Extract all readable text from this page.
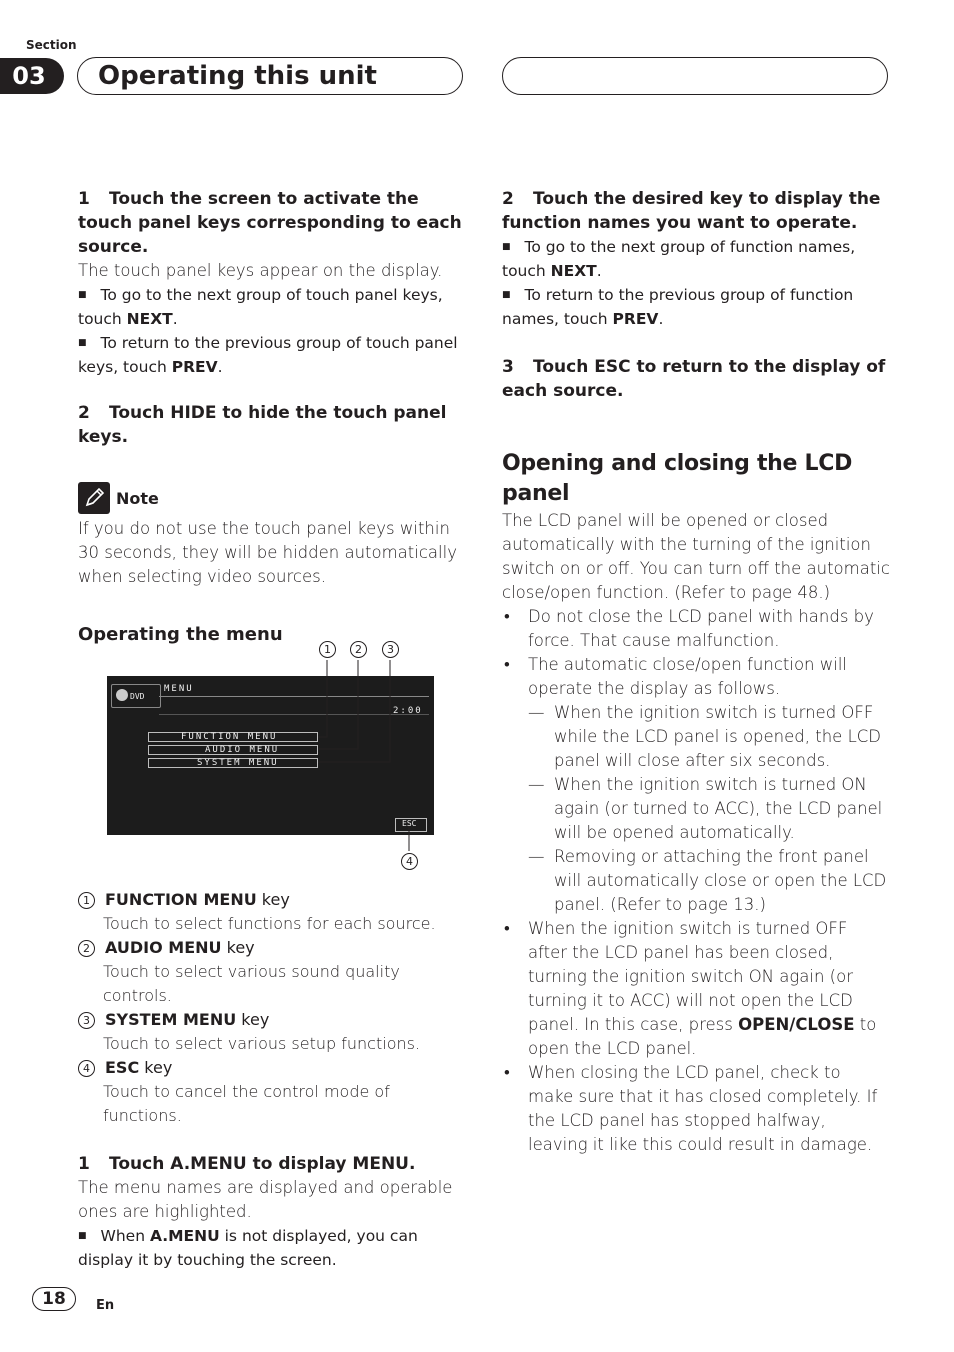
Section
03	Operating this unit

1 Touch the screen to activate the touch panel keys corresponding to each source.

The touch panel keys appear on the display.

■ To go to the next group of touch panel keys, touch NEXT.

■ To return to the previous group of touch panel keys, touch PREV.

2 Touch HIDE to hide the touch panel keys.

Note

If you do not use the touch panel keys within 30 seconds, they will be hidden automatically when selecting video sources.

Operating the menu

DVD
MENU
2:00
FUNCTION MENU
AUDIO MENU
SYSTEM MENU
ESC
1	2	3
4

1 FUNCTION MENU key

Touch to select functions for each source.

2 AUDIO MENU key

Touch to select various sound quality controls.

3 SYSTEM MENU key

Touch to select various setup functions.

4 ESC key

Touch to cancel the control mode of functions.

1 Touch A.MENU to display MENU.

The menu names are displayed and operable ones are highlighted.

■ When A.MENU is not displayed, you can display it by touching the screen.

2 Touch the desired key to display the function names you want to operate.

■ To go to the next group of function names, touch NEXT.

■ To return to the previous group of function names, touch PREV.

3 Touch ESC to return to the display of each source.

Opening and closing the LCD panel

The LCD panel will be opened or closed automatically with the turning of the ignition switch on or off. You can turn off the automatic close/open function. (Refer to page 48.)

• Do not close the LCD panel with hands by force. That cause malfunction.

• The automatic close/open function will operate the display as follows.

— When the ignition switch is turned OFF while the LCD panel is opened, the LCD panel will close after six seconds.

— When the ignition switch is turned ON again (or turned to ACC), the LCD panel will be opened automatically.

— Removing or attaching the front panel will automatically close or open the LCD panel. (Refer to page 13.)

• When the ignition switch is turned OFF after the LCD panel has been closed, turning the ignition switch ON again (or turning it to ACC) will not open the LCD panel. In this case, press OPEN/CLOSE to open the LCD panel.

• When closing the LCD panel, check to make sure that it has closed completely. If the LCD panel has stopped halfway, leaving it like this could result in damage.

18	En
